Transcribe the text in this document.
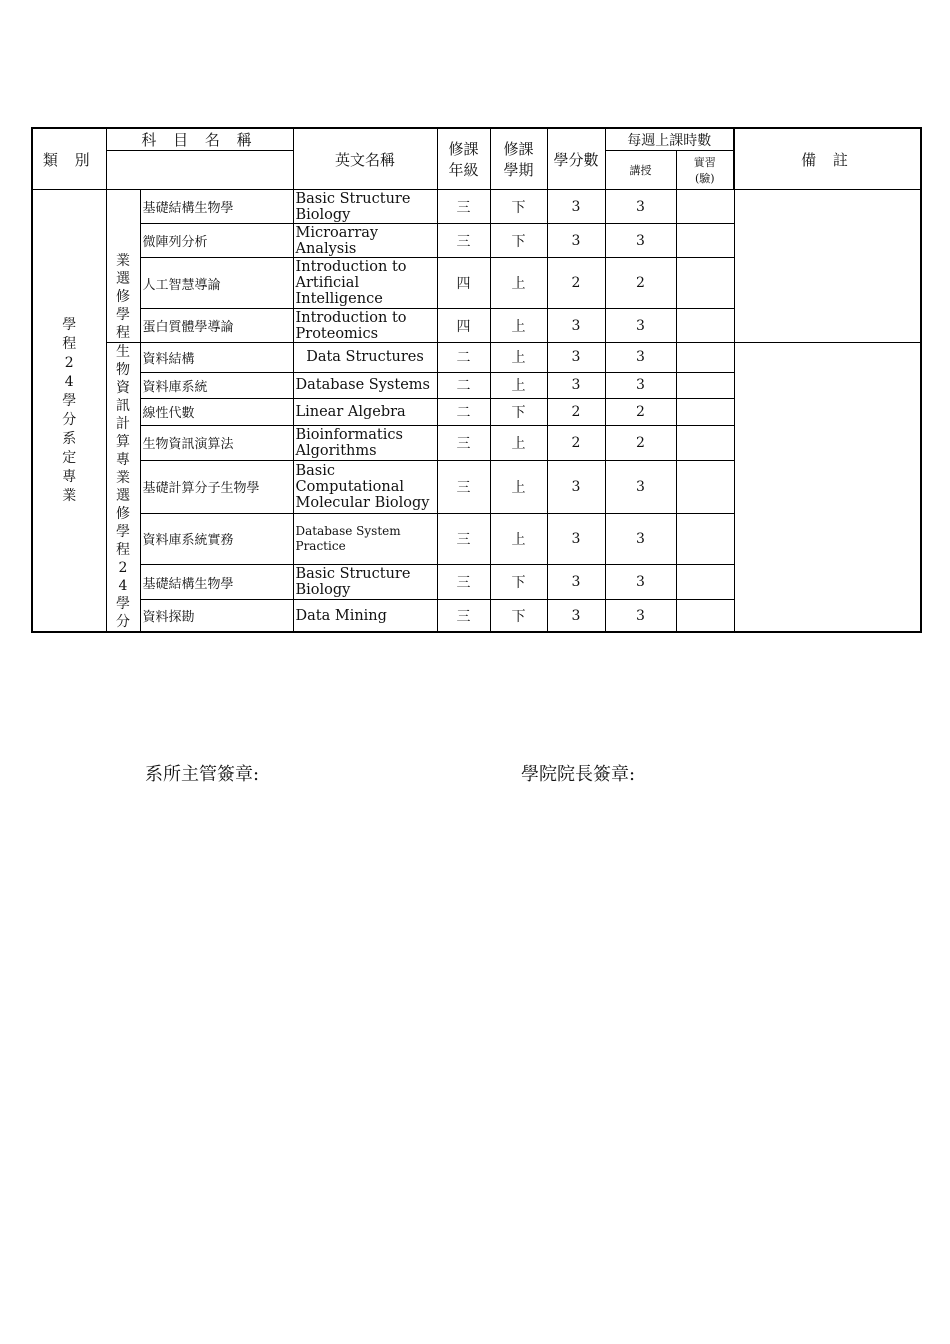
類 別	科 目 名 稱		英文名稱	修課年級	修課學期	學分數	每週上課時數		備 註
							講授	實習(驗)	
學程24學分系定專業	業選修學程	基礎結構生物學	Basic Structure Biology	三	下	3	3		
		微陣列分析	Microarray Analysis	三	下	3	3		
		人工智慧導論	Introduction to Artificial Intelligence	四	上	2	2		
		蛋白質體學導論	Introduction to Proteomics	四	上	3	3		
	生物資訊計算專業選修學程24學分	資料結構	Data Structures	二	上	3	3		
		資料庫系統	Database Systems	二	上	3	3		
		線性代數	Linear Algebra	二	下	2	2		
		生物資訊演算法	Bioinformatics Algorithms	三	上	2	2		
		基礎計算分子生物學	Basic Computational Molecular Biology	三	上	3	3		
		資料庫系統實務	Database System Practice	三	上	3	3		
		基礎結構生物學	Basic Structure Biology	三	下	3	3		
		資料探勘	Data Mining	三	下	3	3		
系所主管簽章:	學院院長簽章:
